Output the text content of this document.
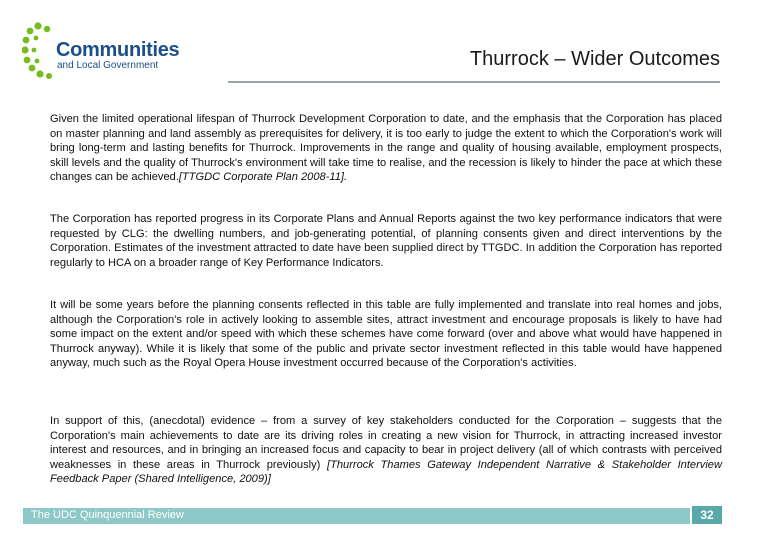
Communities
and Local Government	Thurrock – Wider Outcomes

Given the limited operational lifespan of Thurrock Development Corporation to date, and the emphasis that the Corporation has placed on master planning and land assembly as prerequisites for delivery, it is too early to judge the extent to which the Corporation's work will bring long-term and lasting benefits for Thurrock. Improvements in the range and quality of housing available, employment prospects, skill levels and the quality of Thurrock's environment will take time to realise, and the recession is likely to hinder the pace at which these changes can be achieved.[TTGDC Corporate Plan 2008-11].

The Corporation has reported progress in its Corporate Plans and Annual Reports against the two key performance indicators that were requested by CLG: the dwelling numbers, and job-generating potential, of planning consents given and direct interventions by the Corporation. Estimates of the investment attracted to date have been supplied direct by TTGDC. In addition the Corporation has reported regularly to HCA on a broader range of Key Performance Indicators.

It will be some years before the planning consents reflected in this table are fully implemented and translate into real homes and jobs, although the Corporation's role in actively looking to assemble sites, attract investment and encourage proposals is likely to have had some impact on the extent and/or speed with which these schemes have come forward (over and above what would have happened in Thurrock anyway). While it is likely that some of the public and private sector investment reflected in this table would have happened anyway, much such as the Royal Opera House investment occurred because of the Corporation's activities.

In support of this, (anecdotal) evidence – from a survey of key stakeholders conducted for the Corporation – suggests that the Corporation's main achievements to date are its driving roles in creating a new vision for Thurrock, in attracting increased investor interest and resources, and in bringing an increased focus and capacity to bear in project delivery (all of which contrasts with perceived weaknesses in these areas in Thurrock previously) [Thurrock Thames Gateway Independent Narrative & Stakeholder Interview Feedback Paper (Shared Intelligence, 2009)]

The UDC Quinquennial Review	32
